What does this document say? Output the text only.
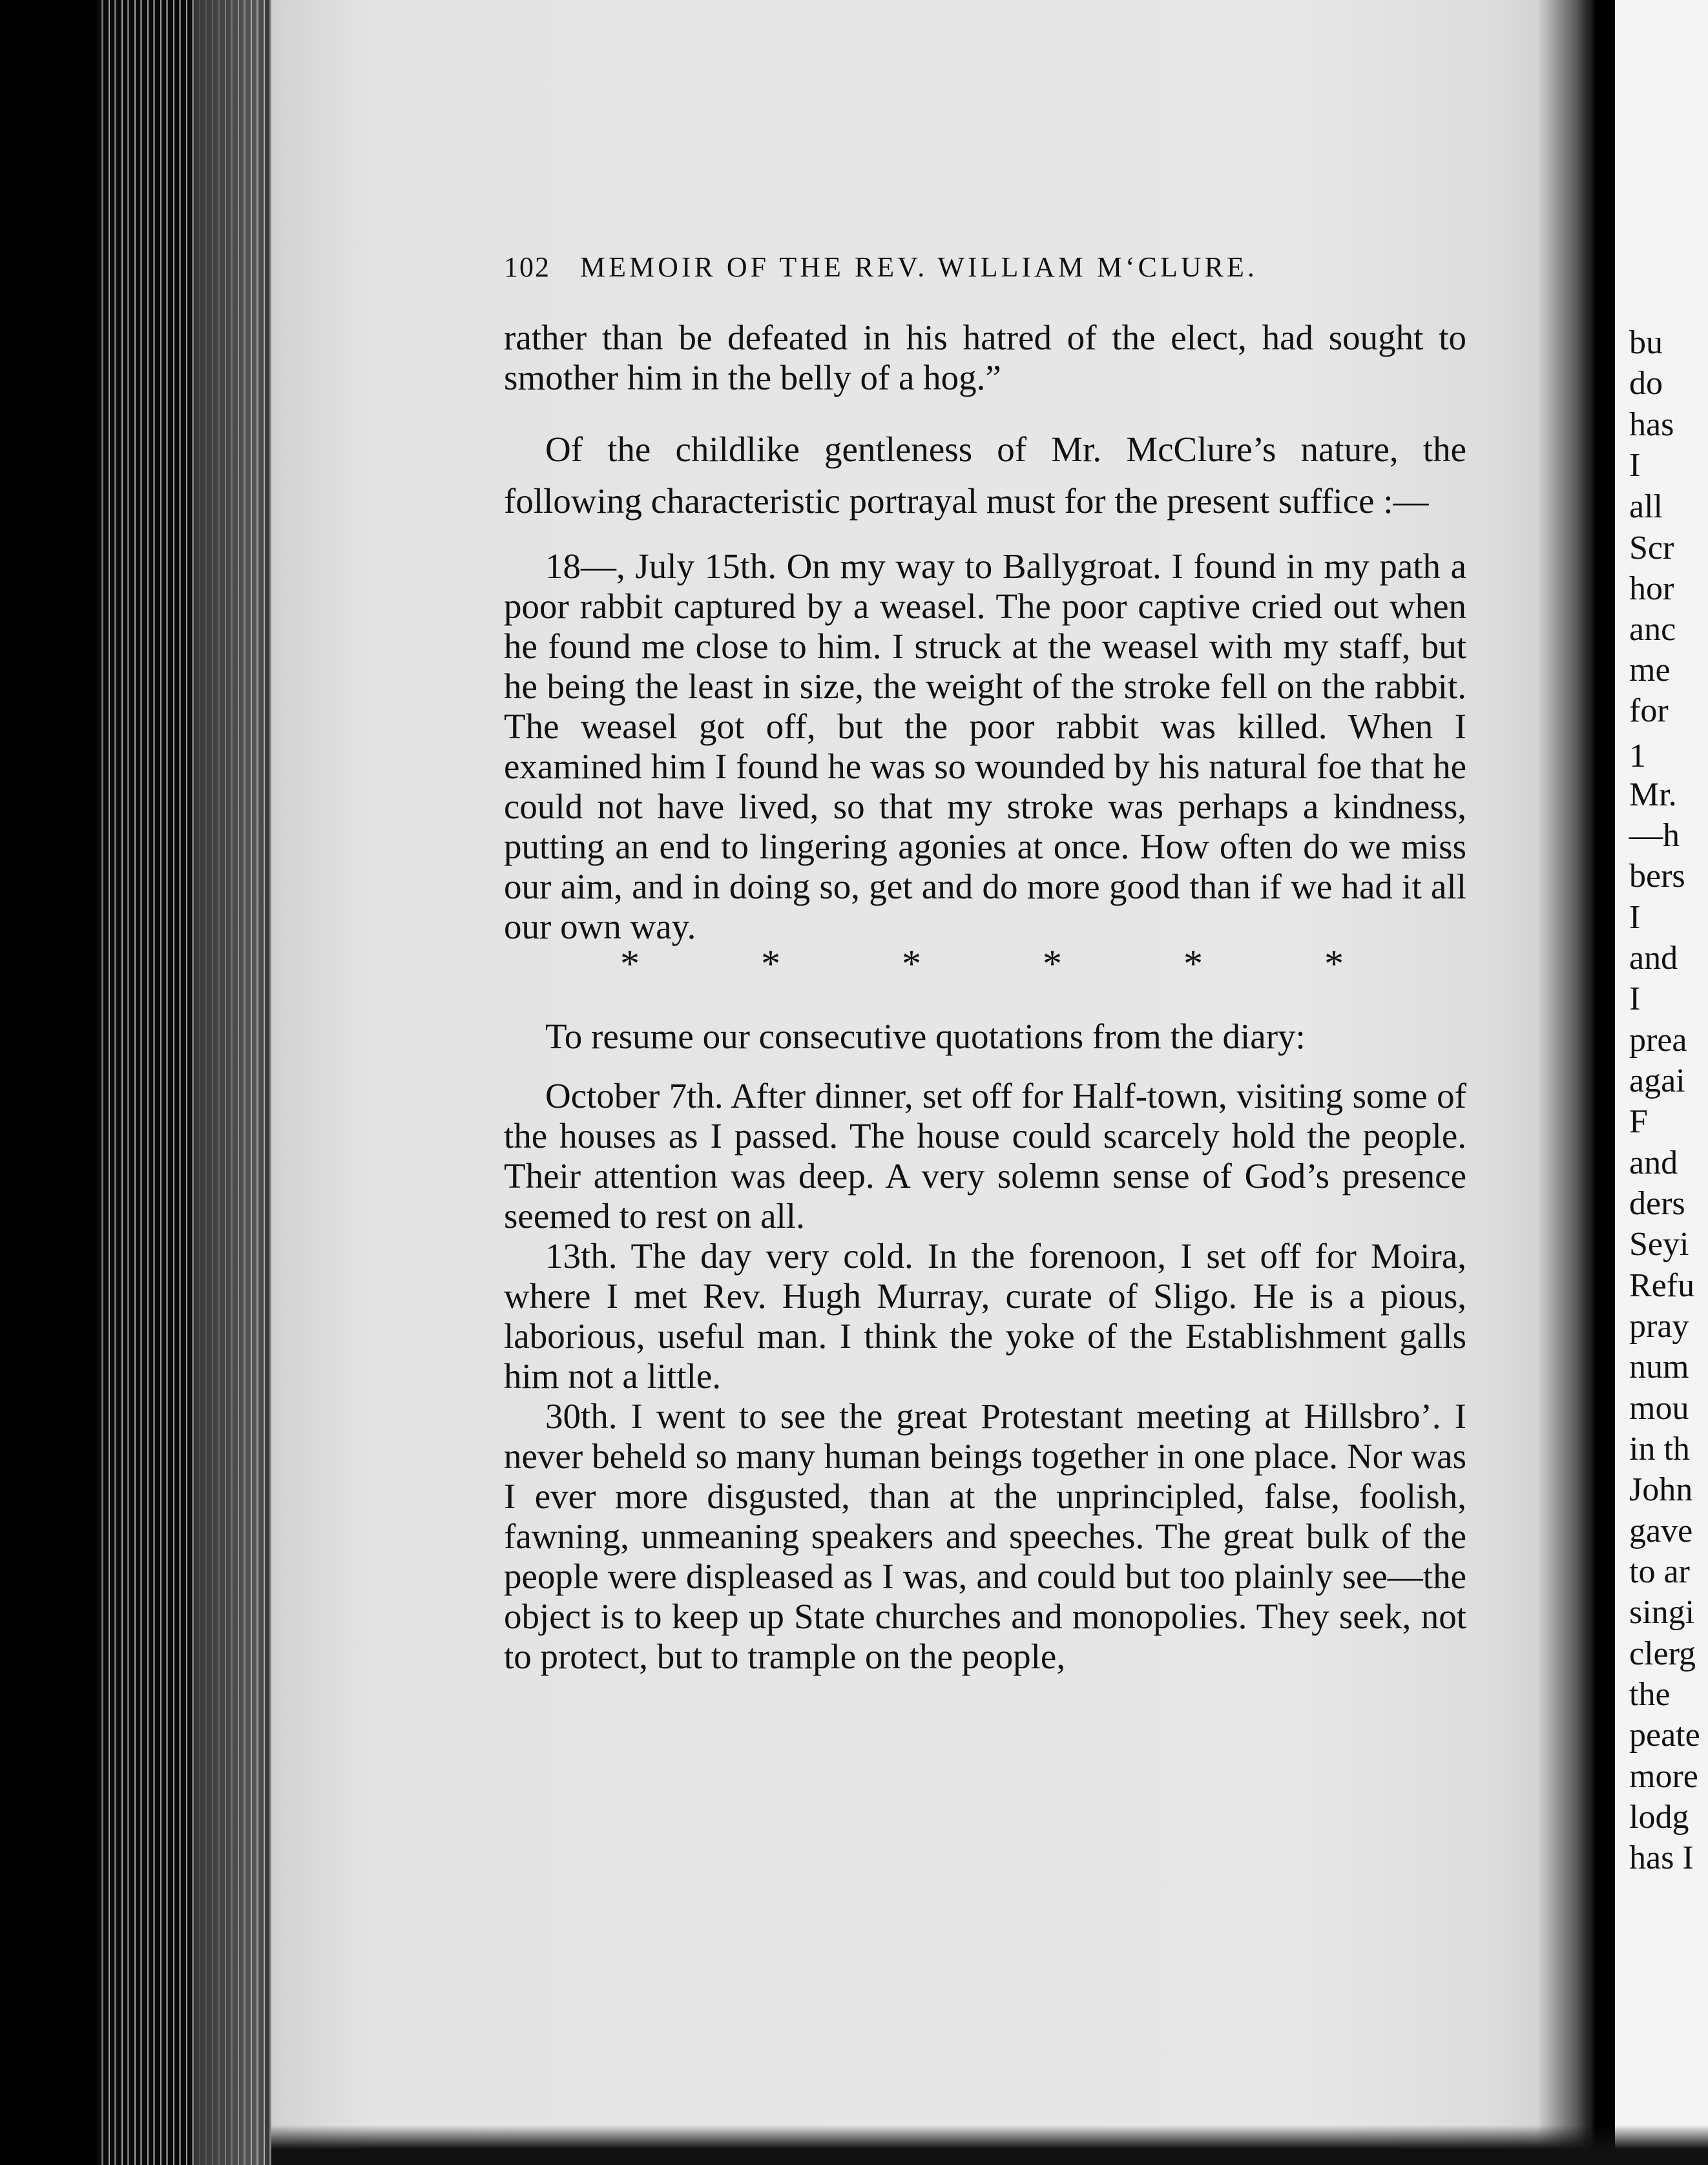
bu
do
has
I
all
Scr
hor
anc
me
for
1
Mr.
—h
bers
I
and
I
prea
agai
F
and
ders
Seyi
Refu
pray
num
mou
in th
John
gave
to ar
singi
clerg
the
peate
more
lodg
has I
102 MEMOIR OF THE REV. WILLIAM M‘CLURE.

rather than be defeated in his hatred of the elect, had sought to smother him in the belly of a hog.”

Of the childlike gentleness of Mr. McClure’s nature, the following characteristic portrayal must for the present suffice :—

18—, July 15th. On my way to Ballygroat. I found in my path a poor rabbit captured by a weasel. The poor captive cried out when he found me close to him. I struck at the weasel with my staff, but he being the least in size, the weight of the stroke fell on the rabbit. The weasel got off, but the poor rabbit was killed. When I examined him I found he was so wounded by his natural foe that he could not have lived, so that my stroke was perhaps a kindness, putting an end to lingering agonies at once. How often do we miss our aim, and in doing so, get and do more good than if we had it all our own way.

*	*	*	*	*	*

To resume our consecutive quotations from the diary:

October 7th. After dinner, set off for Half-town, visiting some of the houses as I passed. The house could scarcely hold the people. Their attention was deep. A very solemn sense of God’s presence seemed to rest on all.

13th. The day very cold. In the forenoon, I set off for Moira, where I met Rev. Hugh Murray, curate of Sligo. He is a pious, laborious, useful man. I think the yoke of the Establishment galls him not a little.

30th. I went to see the great Protestant meeting at Hillsbro’. I never beheld so many human beings together in one place. Nor was I ever more disgusted, than at the unprincipled, false, foolish, fawning, unmeaning speakers and speeches. The great bulk of the people were displeased as I was, and could but too plainly see—the object is to keep up State churches and monopolies. They seek, not to protect, but to trample on the people,
